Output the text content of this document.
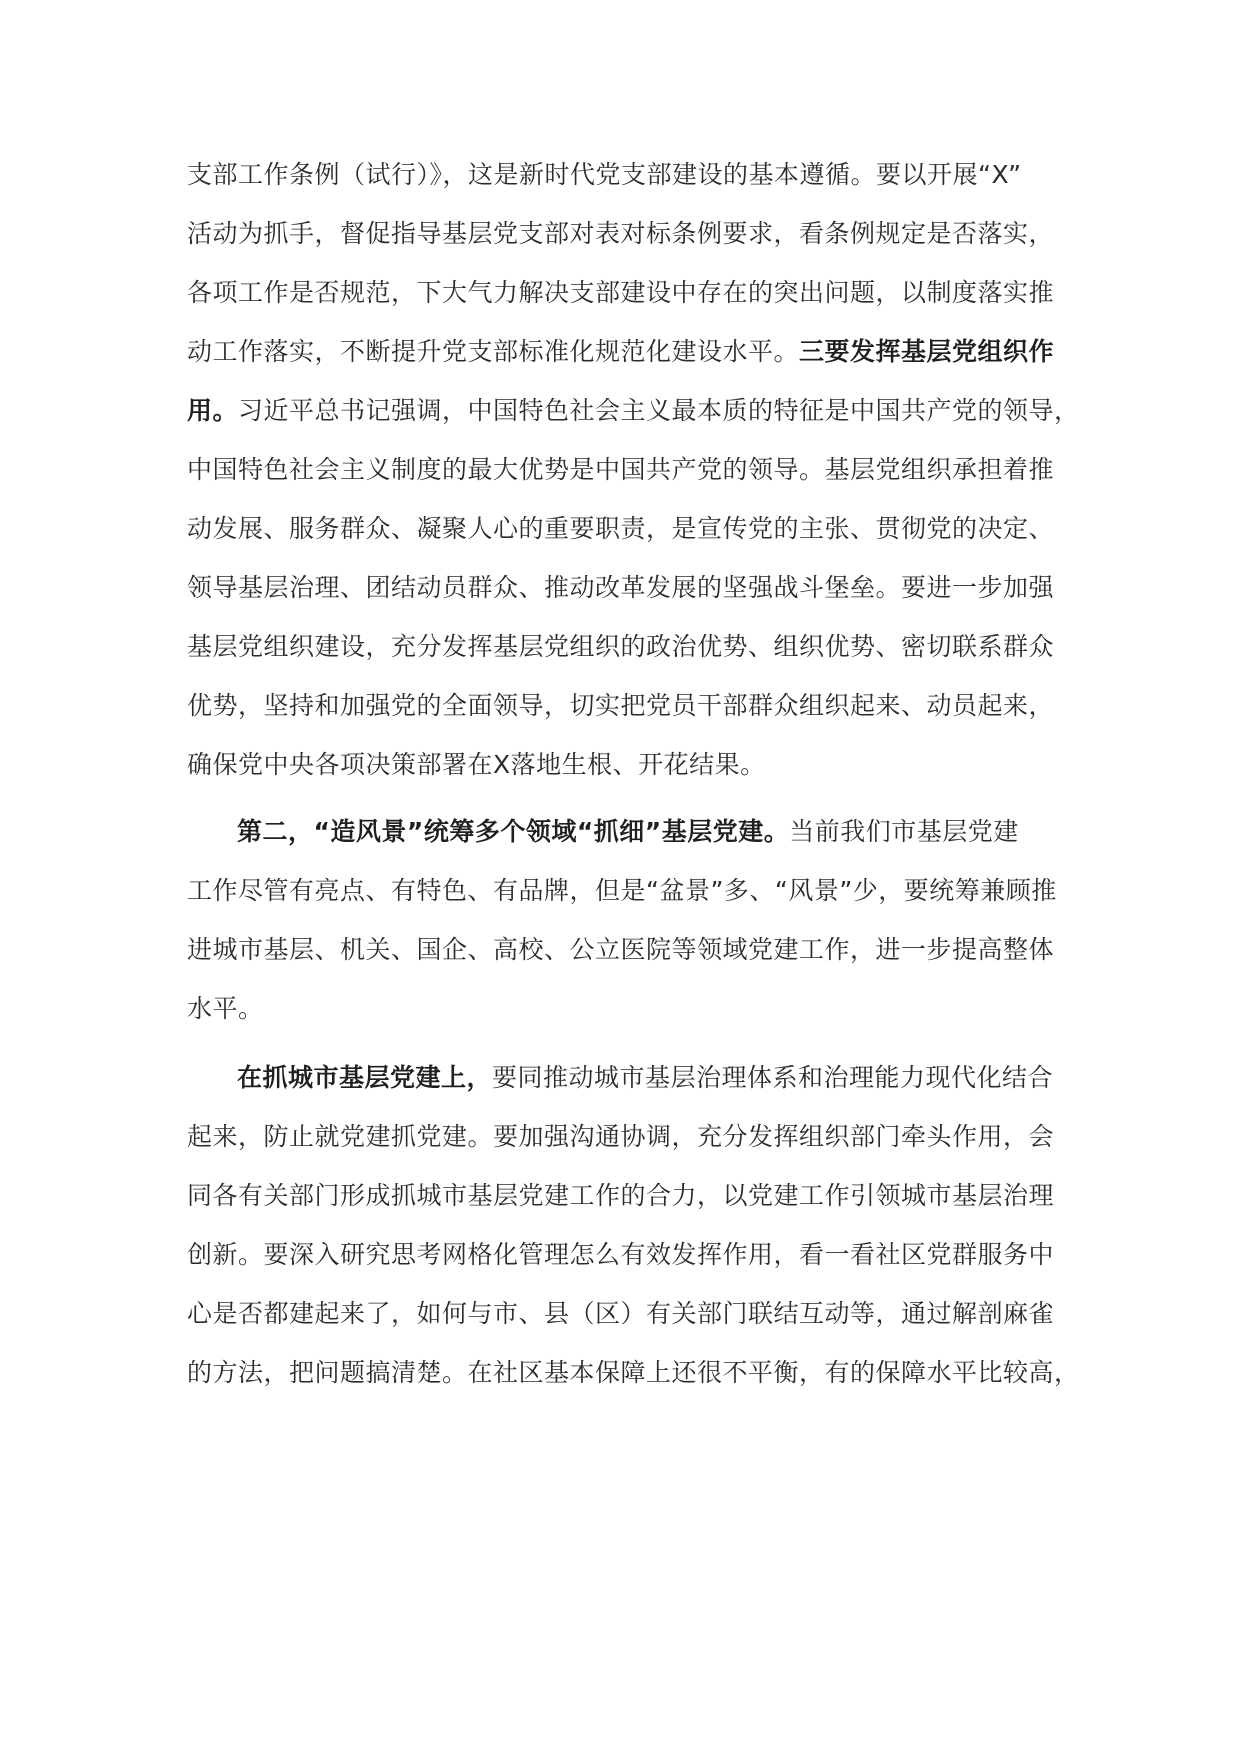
支部工作条例（试行）》，这是新时代党支部建设的基本遵循。要以开展“X”
活动为抓手，督促指导基层党支部对表对标条例要求，看条例规定是否落实，
各项工作是否规范，下大气力解决支部建设中存在的突出问题，以制度落实推
动工作落实，不断提升党支部标准化规范化建设水平。三要发挥基层党组织作
用。习近平总书记强调，中国特色社会主义最本质的特征是中国共产党的领导，
中国特色社会主义制度的最大优势是中国共产党的领导。基层党组织承担着推
动发展、服务群众、凝聚人心的重要职责，是宣传党的主张、贯彻党的决定、
领导基层治理、团结动员群众、推动改革发展的坚强战斗堡垒。要进一步加强
基层党组织建设，充分发挥基层党组织的政治优势、组织优势、密切联系群众
优势，坚持和加强党的全面领导，切实把党员干部群众组织起来、动员起来，
确保党中央各项决策部署在X落地生根、开花结果。
第二，“造风景”统筹多个领域“抓细”基层党建。当前我们市基层党建
工作尽管有亮点、有特色、有品牌，但是“盆景”多、“风景”少，要统筹兼顾推
进城市基层、机关、国企、高校、公立医院等领域党建工作，进一步提高整体
水平。
在抓城市基层党建上，要同推动城市基层治理体系和治理能力现代化结合
起来，防止就党建抓党建。要加强沟通协调，充分发挥组织部门牵头作用，会
同各有关部门形成抓城市基层党建工作的合力，以党建工作引领城市基层治理
创新。要深入研究思考网格化管理怎么有效发挥作用，看一看社区党群服务中
心是否都建起来了，如何与市、县（区）有关部门联结互动等，通过解剖麻雀
的方法，把问题搞清楚。在社区基本保障上还很不平衡，有的保障水平比较高，
